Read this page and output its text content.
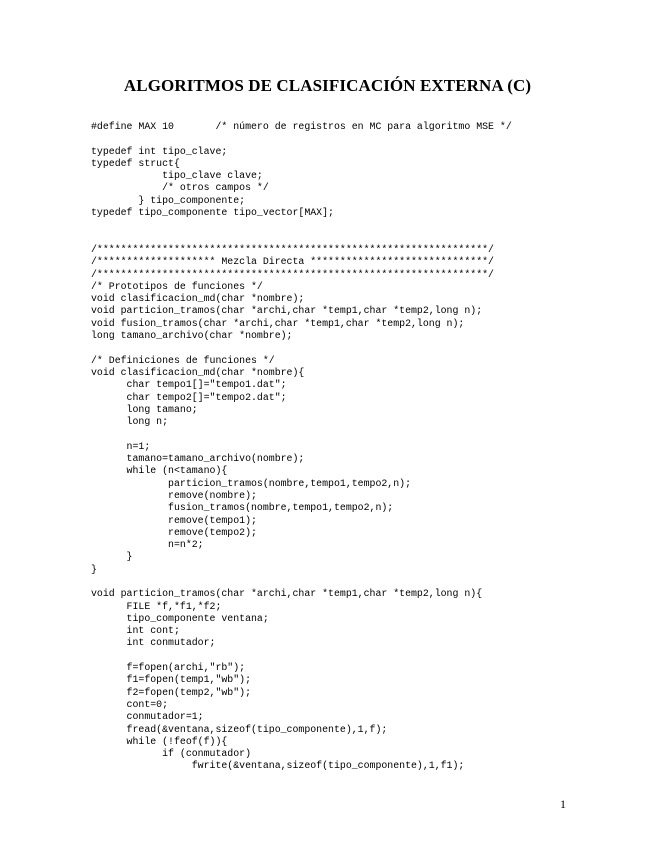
ALGORITMOS DE CLASIFICACIÓN EXTERNA (C)
#define MAX 10       /* número de registros en MC para algoritmo MSE */
typedef int tipo_clave;
typedef struct{
tipo_clave clave;
/* otros campos */
} tipo_componente;
typedef tipo_componente tipo_vector[MAX];
/******************************************************************/
/******************** Mezcla Directa ******************************/
/******************************************************************/
/* Prototipos de funciones */
void clasificacion_md(char *nombre);
void particion_tramos(char *archi,char *temp1,char *temp2,long n);
void fusion_tramos(char *archi,char *temp1,char *temp2,long n);
long tamano_archivo(char *nombre);
/* Definiciones de funciones */
void clasificacion_md(char *nombre){
char tempo1[]="tempo1.dat";
char tempo2[]="tempo2.dat";
long tamano;
long n;
n=1;
tamano=tamano_archivo(nombre);
while (n<tamano){
particion_tramos(nombre,tempo1,tempo2,n);
remove(nombre);
fusion_tramos(nombre,tempo1,tempo2,n);
remove(tempo1);
remove(tempo2);
n=n*2;
}
}
void particion_tramos(char *archi,char *temp1,char *temp2,long n){
FILE *f,*f1,*f2;
tipo_componente ventana;
int cont;
int conmutador;
f=fopen(archi,"rb");
f1=fopen(temp1,"wb");
f2=fopen(temp2,"wb");
cont=0;
conmutador=1;
fread(&ventana,sizeof(tipo_componente),1,f);
while (!feof(f)){
if (conmutador)
fwrite(&ventana,sizeof(tipo_componente),1,f1);
1
